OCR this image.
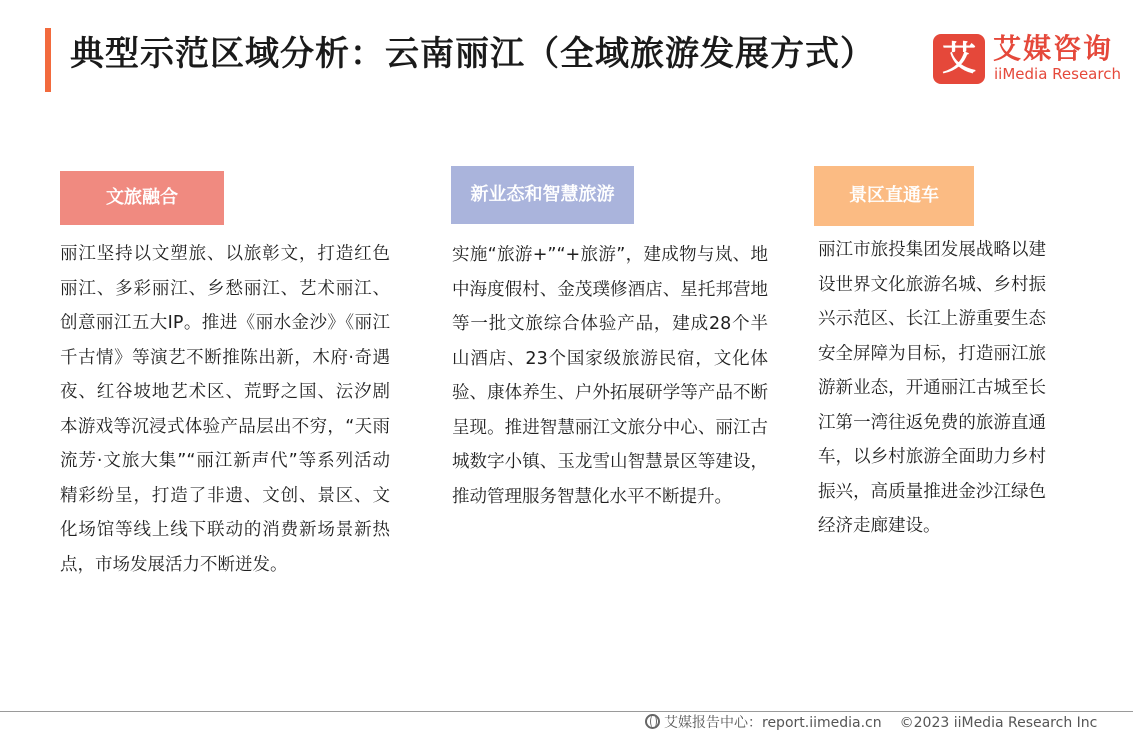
典型示范区域分析：云南丽江（全域旅游发展方式） 艾 艾媒咨询
iiMedia Research
文旅融合	新业态和智慧旅游	景区直通车

丽江坚持以文塑旅、以旅彰文，打造红色丽江、多彩丽江、乡愁丽江、艺术丽江、创意丽江五大IP。推进《丽水金沙》《丽江千古情》等演艺不断推陈出新，木府·奇遇夜、红谷坡地艺术区、荒野之国、沄汐剧本游戏等沉浸式体验产品层出不穷，“天雨流芳·文旅大集”“丽江新声代”等系列活动精彩纷呈，打造了非遗、文创、景区、文化场馆等线上线下联动的消费新场景新热点，市场发展活力不断迸发。

实施“旅游+”“+旅游”，建成物与岚、地中海度假村、金茂璞修酒店、星托邦营地等一批文旅综合体验产品，建成28个半山酒店、23个国家级旅游民宿，文化体验、康体养生、户外拓展研学等产品不断呈现。推进智慧丽江文旅分中心、丽江古城数字小镇、玉龙雪山智慧景区等建设，推动管理服务智慧化水平不断提升。

丽江市旅投集团发展战略以建设世界文化旅游名城、乡村振兴示范区、长江上游重要生态安全屏障为目标，打造丽江旅游新业态，开通丽江古城至长江第一湾往返免费的旅游直通车，以乡村旅游全面助力乡村振兴，高质量推进金沙江绿色经济走廊建设。

艾媒报告中心：report.iimedia.cn ©2023 iiMedia Research Inc
